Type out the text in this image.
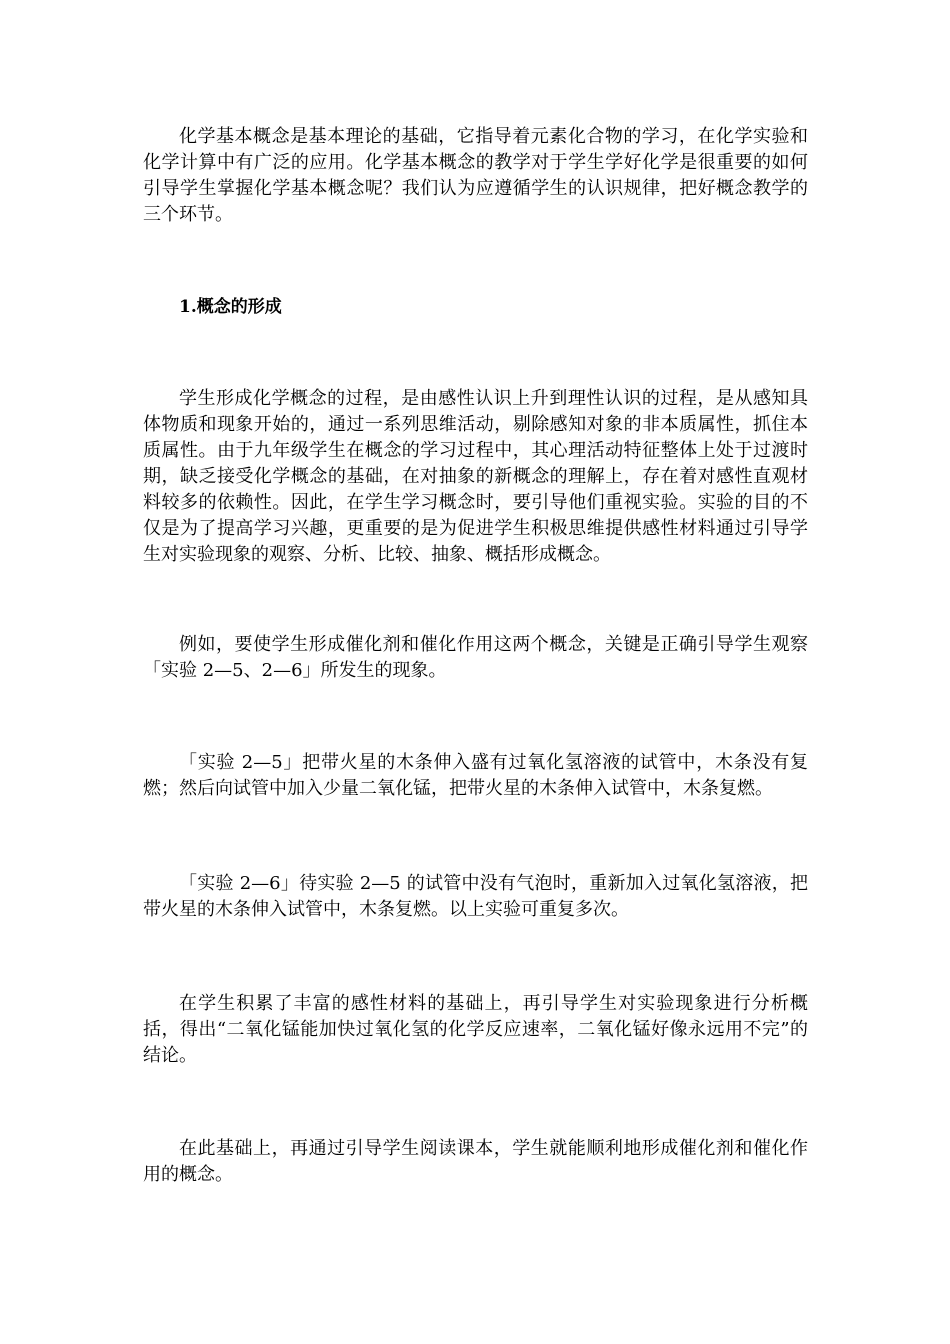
化学基本概念是基本理论的基础，它指导着元素化合物的学习，在化学实验和化学计算中有广泛的应用。化学基本概念的教学对于学生学好化学是很重要的如何引导学生掌握化学基本概念呢？我们认为应遵循学生的认识规律，把好概念教学的三个环节。

1.概念的形成

学生形成化学概念的过程，是由感性认识上升到理性认识的过程，是从感知具体物质和现象开始的，通过一系列思维活动，剔除感知对象的非本质属性，抓住本质属性。由于九年级学生在概念的学习过程中，其心理活动特征整体上处于过渡时期，缺乏接受化学概念的基础，在对抽象的新概念的理解上，存在着对感性直观材料较多的依赖性。因此，在学生学习概念时，要引导他们重视实验。实验的目的不仅是为了提高学习兴趣，更重要的是为促进学生积极思维提供感性材料通过引导学生对实验现象的观察、分析、比较、抽象、概括形成概念。

例如，要使学生形成催化剂和催化作用这两个概念，关键是正确引导学生观察「实验 2—5、2—6」所发生的现象。

「实验 2—5」把带火星的木条伸入盛有过氧化氢溶液的试管中，木条没有复燃；然后向试管中加入少量二氧化锰，把带火星的木条伸入试管中，木条复燃。

「实验 2—6」待实验 2—5 的试管中没有气泡时，重新加入过氧化氢溶液，把带火星的木条伸入试管中，木条复燃。以上实验可重复多次。

在学生积累了丰富的感性材料的基础上，再引导学生对实验现象进行分析概括，得出“二氧化锰能加快过氧化氢的化学反应速率，二氧化锰好像永远用不完”的结论。

在此基础上，再通过引导学生阅读课本，学生就能顺利地形成催化剂和催化作用的概念。
